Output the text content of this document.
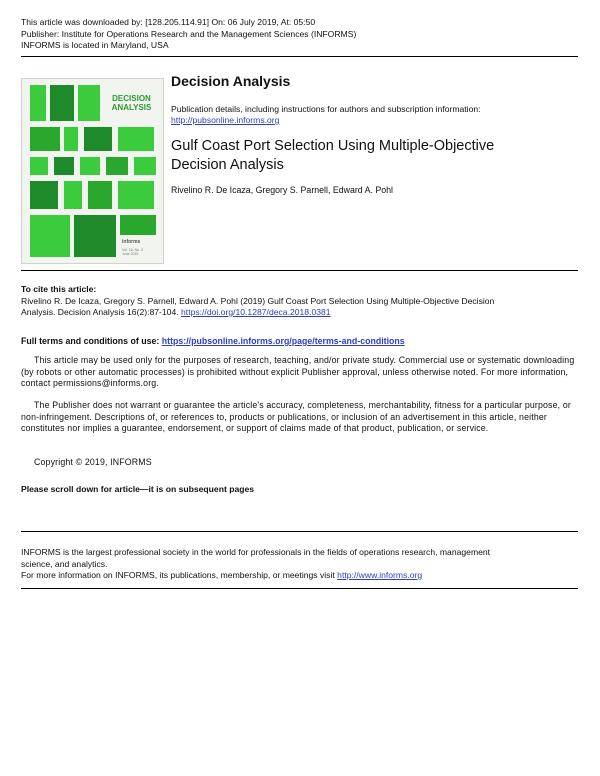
This article was downloaded by: [128.205.114.91] On: 06 July 2019, At: 05:50
Publisher: Institute for Operations Research and the Management Sciences (INFORMS)
INFORMS is located in Maryland, USA
DECISION ANALYSIS
informs
Vol. 16, No. 2
June 2019
Decision Analysis
Publication details, including instructions for authors and subscription information:
http://pubsonline.informs.org
Gulf Coast Port Selection Using Multiple-Objective
Decision Analysis
Rivelino R. De Icaza, Gregory S. Parnell, Edward A. Pohl
To cite this article:
Rivelino R. De Icaza, Gregory S. Parnell, Edward A. Pohl (2019) Gulf Coast Port Selection Using Multiple-Objective Decision
Analysis. Decision Analysis 16(2):87-104. https://doi.org/10.1287/deca.2018.0381
Full terms and conditions of use: https://pubsonline.informs.org/page/terms-and-conditions
This article may be used only for the purposes of research, teaching, and/or private study. Commercial use or systematic downloading (by robots or other automatic processes) is prohibited without explicit Publisher approval, unless otherwise noted. For more information, contact permissions@informs.org.
The Publisher does not warrant or guarantee the article's accuracy, completeness, merchantability, fitness for a particular purpose, or non-infringement. Descriptions of, or references to, products or publications, or inclusion of an advertisement in this article, neither constitutes nor implies a guarantee, endorsement, or support of claims made of that product, publication, or service.
Copyright © 2019, INFORMS
Please scroll down for article—it is on subsequent pages
INFORMS is the largest professional society in the world for professionals in the fields of operations research, management
science, and analytics.
For more information on INFORMS, its publications, membership, or meetings visit http://www.informs.org
